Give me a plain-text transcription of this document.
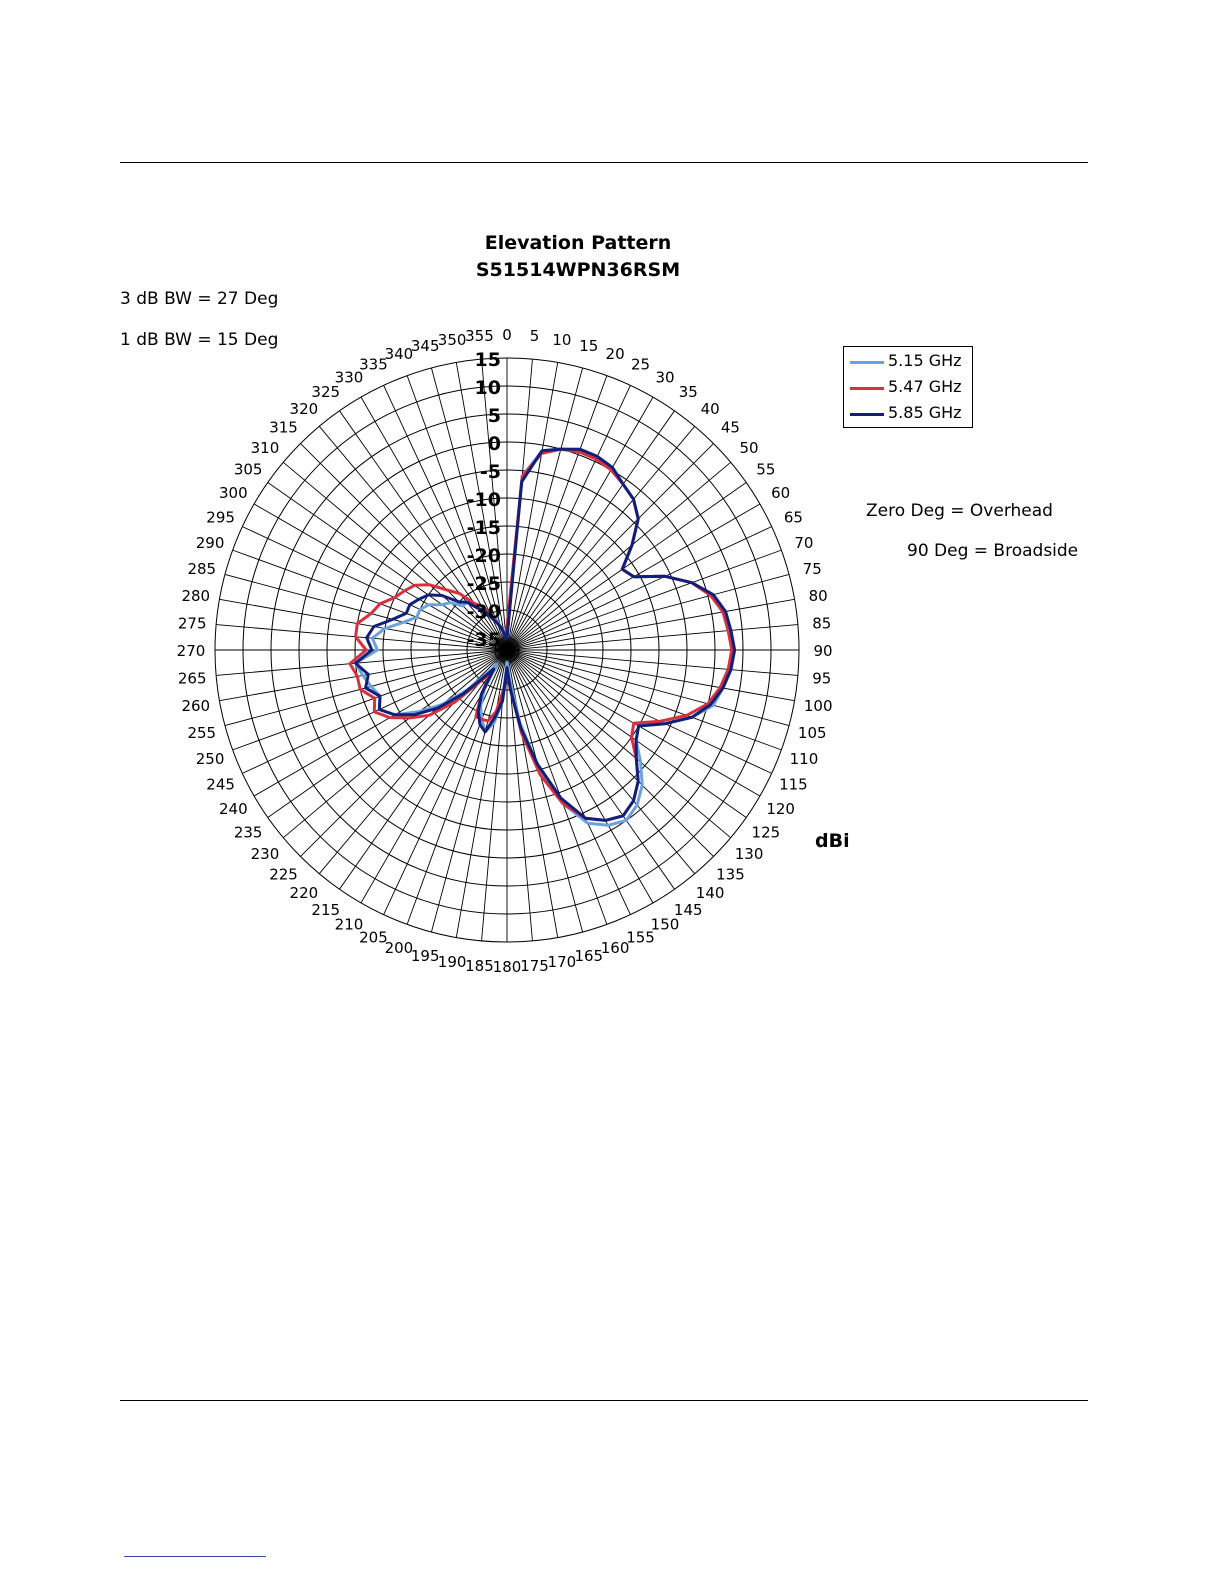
Elevation Pattern
S51514WPN36RSM
3 dB BW = 27 Deg
1 dB BW = 15 Deg
Zero Deg = Overhead
90 Deg = Broadside
dBi
0 5 10 15 20
25
30
35
40
45
50
55
60
65
70
75
80
85
90
95
100
105
110
115
120
125
130
135
140
145
150
155
160
165
170
175
180
185
190
195
200
205
210
215
220
225
230
235
240
245
250
255
260
265
270
275
280
285
290
295
300
305
310
315
320
325
330
335
340
345
350
355
15
10
5
0
-5
-10
-15
-20
-25
-30
-35
5.15 GHz
5.47 GHz
5.85 GHz
